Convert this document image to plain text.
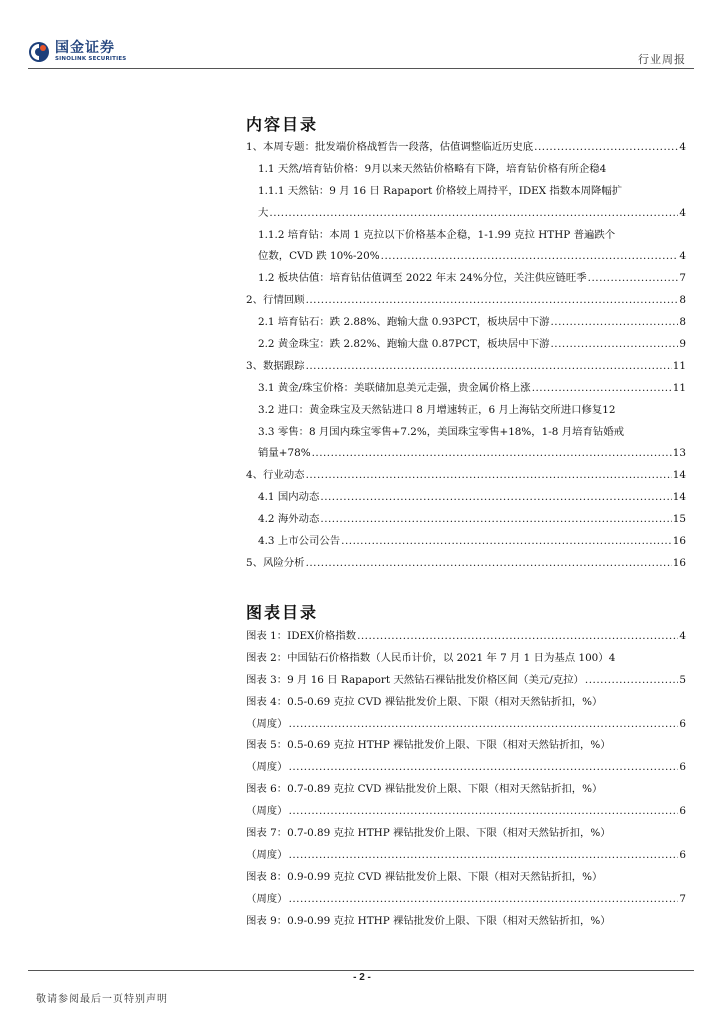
国金证券
SINOLINK SECURITIES	行业周报
内容目录
1、本周专题：批发端价格战暂告一段落，估值调整临近历史底 .....	4
1.1 天然/培育钻价格：9月以来天然钻价格略有下降，培育钻价格有所企稳 4
1.1.1 天然钻：9 月 16 日 Rapaport 价格较上周持平，IDEX 指数本周降幅扩
大 .....	4
1.1.2 培育钻：本周 1 克拉以下价格基本企稳，1-1.99 克拉 HTHP 普遍跌个
位数，CVD 跌 10%-20% .....	4
1.2 板块估值：培育钻估值调至 2022 年末 24%分位，关注供应链旺季 .....	7
2、行情回顾 .....	8
2.1 培育钻石：跌 2.88%、跑输大盘 0.93PCT，板块居中下游 .....	8
2.2 黄金珠宝：跌 2.82%、跑输大盘 0.87PCT，板块居中下游 .....	9
3、数据跟踪 .....	11
3.1 黄金/珠宝价格：美联储加息美元走强，贵金属价格上涨 .....	11
3.2 进口：黄金珠宝及天然钻进口 8 月增速转正，6 月上海钻交所进口修复 12
3.3 零售：8 月国内珠宝零售+7.2%，美国珠宝零售+18%，1-8 月培育钻婚戒
销量+78% .....	13
4、行业动态 .....	14
4.1 国内动态 .....	14
4.2 海外动态 .....	15
4.3 上市公司公告 .....	16
5、风险分析 .....	16
图表目录
图表 1：IDEX价格指数 .....	4
图表 2：中国钻石价格指数（人民币计价，以 2021 年 7 月 1 日为基点 100） 4
图表 3：9 月 16 日 Rapaport 天然钻石裸钻批发价格区间（美元/克拉） .....	5
图表 4：0.5-0.69 克拉 CVD 裸钻批发价上限、下限（相对天然钻折扣，%）
（周度） .....	6
图表 5：0.5-0.69 克拉 HTHP 裸钻批发价上限、下限（相对天然钻折扣，%）
（周度） .....	6
图表 6：0.7-0.89 克拉 CVD 裸钻批发价上限、下限（相对天然钻折扣，%）
（周度） .....	6
图表 7：0.7-0.89 克拉 HTHP 裸钻批发价上限、下限（相对天然钻折扣，%）
（周度） .....	6
图表 8：0.9-0.99 克拉 CVD 裸钻批发价上限、下限（相对天然钻折扣，%）
（周度） .....	7
图表 9：0.9-0.99 克拉 HTHP 裸钻批发价上限、下限（相对天然钻折扣，%）
- 2 -
敬请参阅最后一页特别声明
